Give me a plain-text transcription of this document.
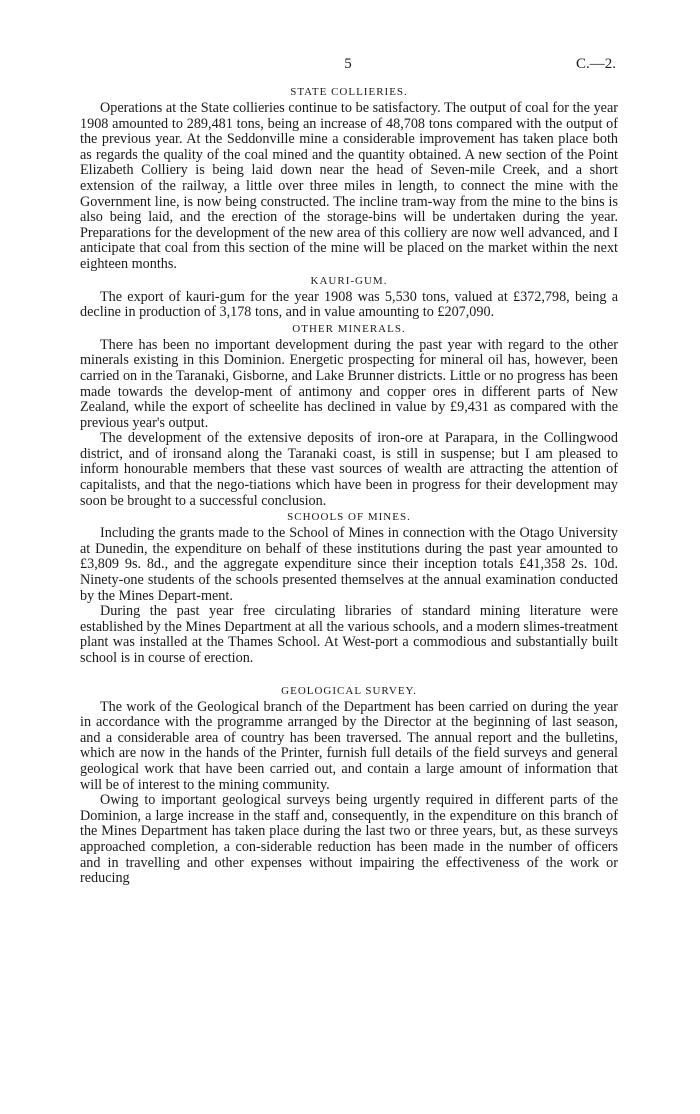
5	C.—2.
STATE COLLIERIES.

Operations at the State collieries continue to be satisfactory. The output of coal for the year 1908 amounted to 289,481 tons, being an increase of 48,708 tons compared with the output of the previous year. At the Seddonville mine a considerable improvement has taken place both as regards the quality of the coal mined and the quantity obtained. A new section of the Point Elizabeth Colliery is being laid down near the head of Seven-mile Creek, and a short extension of the railway, a little over three miles in length, to connect the mine with the Government line, is now being constructed. The incline tram-way from the mine to the bins is also being laid, and the erection of the storage-bins will be undertaken during the year. Preparations for the development of the new area of this colliery are now well advanced, and I anticipate that coal from this section of the mine will be placed on the market within the next eighteen months.

KAURI-GUM.

The export of kauri-gum for the year 1908 was 5,530 tons, valued at £372,798, being a decline in production of 3,178 tons, and in value amounting to £207,090.

OTHER MINERALS.

There has been no important development during the past year with regard to the other minerals existing in this Dominion. Energetic prospecting for mineral oil has, however, been carried on in the Taranaki, Gisborne, and Lake Brunner districts. Little or no progress has been made towards the develop-ment of antimony and copper ores in different parts of New Zealand, while the export of scheelite has declined in value by £9,431 as compared with the previous year's output.

The development of the extensive deposits of iron-ore at Parapara, in the Collingwood district, and of ironsand along the Taranaki coast, is still in suspense; but I am pleased to inform honourable members that these vast sources of wealth are attracting the attention of capitalists, and that the nego-tiations which have been in progress for their development may soon be brought to a successful conclusion.

SCHOOLS OF MINES.

Including the grants made to the School of Mines in connection with the Otago University at Dunedin, the expenditure on behalf of these institutions during the past year amounted to £3,809 9s. 8d., and the aggregate expenditure since their inception totals £41,358 2s. 10d. Ninety-one students of the schools presented themselves at the annual examination conducted by the Mines Depart-ment.

During the past year free circulating libraries of standard mining literature were established by the Mines Department at all the various schools, and a modern slimes-treatment plant was installed at the Thames School. At West-port a commodious and substantially built school is in course of erection.

GEOLOGICAL SURVEY.

The work of the Geological branch of the Department has been carried on during the year in accordance with the programme arranged by the Director at the beginning of last season, and a considerable area of country has been traversed. The annual report and the bulletins, which are now in the hands of the Printer, furnish full details of the field surveys and general geological work that have been carried out, and contain a large amount of information that will be of interest to the mining community.

Owing to important geological surveys being urgently required in different parts of the Dominion, a large increase in the staff and, consequently, in the expenditure on this branch of the Mines Department has taken place during the last two or three years, but, as these surveys approached completion, a con-siderable reduction has been made in the number of officers and in travelling and other expenses without impairing the effectiveness of the work or reducing
